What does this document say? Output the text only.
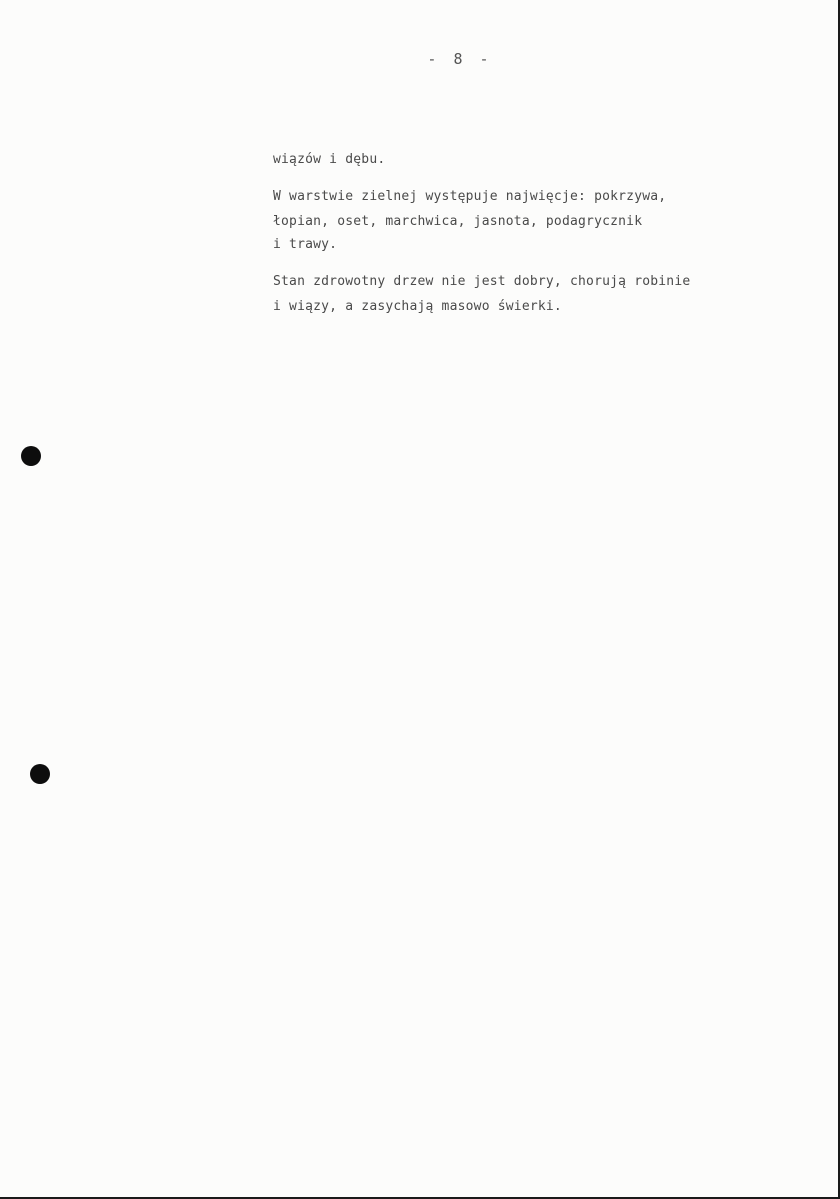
- 8 -
wiązów i dębu.
W warstwie zielnej występuje najwięcje: pokrzywa,
łopian, oset, marchwica, jasnota, podagrycznik
i trawy.
Stan zdrowotny drzew nie jest dobry, chorują robinie
i wiązy, a zasychają masowo świerki.
